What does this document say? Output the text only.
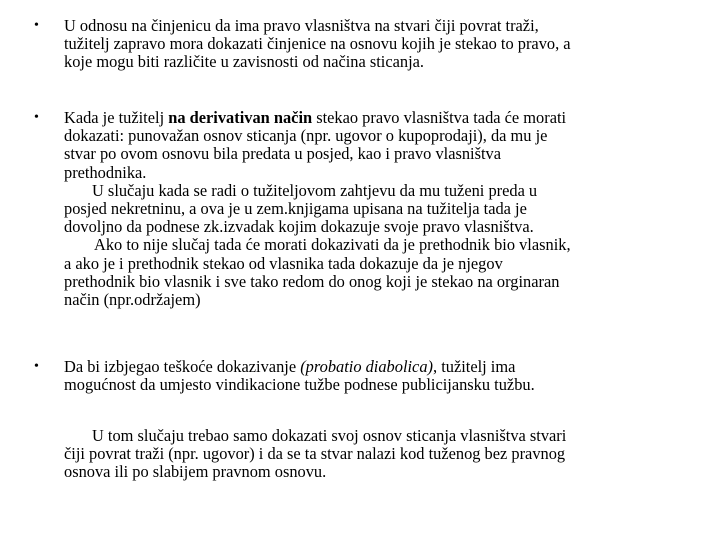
• U odnosu na činjenicu da ima pravo vlasništva na stvari čiji povrat traži,
tužitelj zapravo mora dokazati činjenice na osnovu kojih je stekao to pravo, a
koje mogu biti različite u zavisnosti od načina sticanja.
• Kada je tužitelj na derivativan način stekao pravo vlasništva tada će morati
dokazati: punovažan osnov sticanja (npr. ugovor o kupoprodaji), da mu je
stvar po ovom osnovu bila predata u posjed, kao i pravo vlasništva
prethodnika.
U slučaju kada se radi o tužiteljovom zahtjevu da mu tuženi preda u
posjed nekretninu, a ova je u zem.knjigama upisana na tužitelja tada je
dovoljno da podnese zk.izvadak kojim dokazuje svoje pravo vlasništva.
Ako to nije slučaj tada će morati dokazivati da je prethodnik bio vlasnik,
a ako je i prethodnik stekao od vlasnika tada dokazuje da je njegov
prethodnik bio vlasnik i sve tako redom do onog koji je stekao na orginaran
način (npr.održajem)
• Da bi izbjegao teškoće dokazivanje (probatio diabolica), tužitelj ima
mogućnost da umjesto vindikacione tužbe podnese publicijansku tužbu.
U tom slučaju trebao samo dokazati svoj osnov sticanja vlasništva stvari
čiji povrat traži (npr. ugovor) i da se ta stvar nalazi kod tuženog bez pravnog
osnova ili po slabijem pravnom osnovu.
